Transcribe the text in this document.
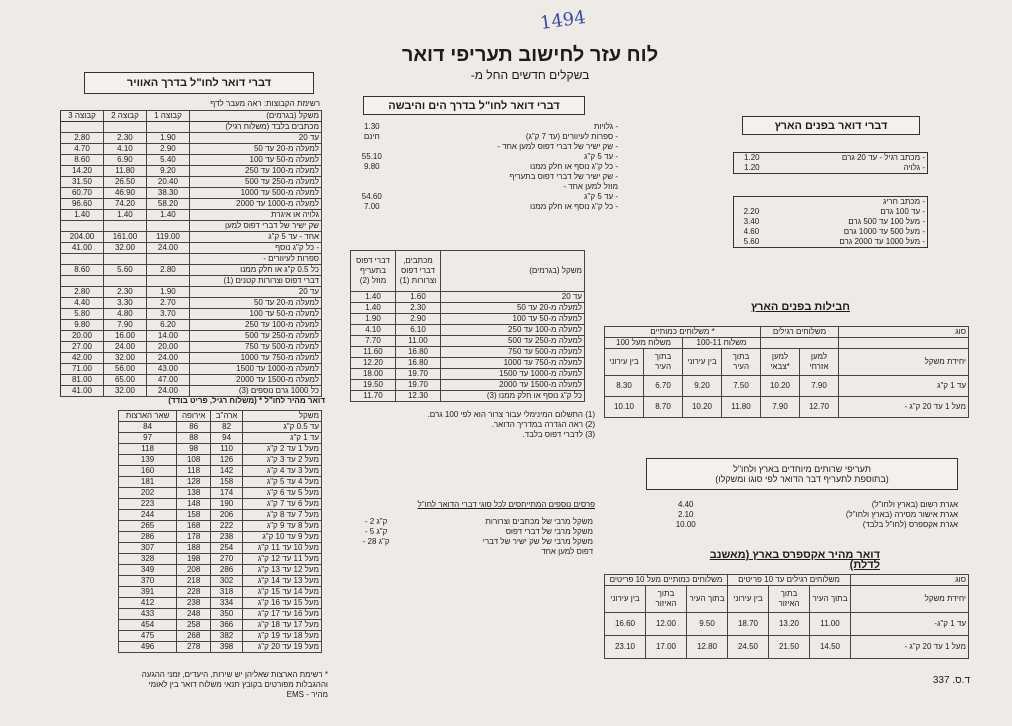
1494
לוח עזר לחישוב תעריפי דואר
בשקלים חדשים החל מ-
דברי דואר לחו"ל בדרך האוויר
רשימת הקבוצות: ראה מעבר לדף
משקל (בגרמים)	קבוצה 1	קבוצה 2	קבוצה 3
מכתבים בלבד (משלוח רגיל)			
עד 20	1.90	2.30	2.80
למעלה מ-20 עד 50	2.90	4.10	4.70
למעלה מ-50 עד 100	5.40	6.90	8.60
למעלה מ-100 עד 250	9.20	11.80	14.20
למעלה מ-250 עד 500	20.40	26.50	31.50
למעלה מ-500 עד 1000	38.30	46.90	60.70
למעלה מ-1000 עד 2000	58.20	74.20	96.60
גלויה או איגרת	1.40	1.40	1.40
שק ישיר של דברי דפוס למען			
אחד - עד 5 ק"ג	119.00	161.00	204.00
- כל ק"ג נוסף	24.00	32.00	41.00
ספרות לעיוורים -			
כל 0.5 ק"ג או חלק ממנו	2.80	5.60	8.60
דברי דפוס וצרורות קטנים (1)			
עד 20	1.90	2.30	2.80
למעלה מ-20 עד 50	2.70	3.30	4.40
למעלה מ-50 עד 100	3.70	4.80	5.80
למעלה מ-100 עד 250	6.20	7.90	9.80
למעלה מ-250 עד 500	14.00	16.00	20.00
למעלה מ-500 עד 750	20.00	24.00	27.00
למעלה מ-750 עד 1000	24.00	32.00	42.00
למעלה מ-1000 עד 1500	43.00	56.00	71.00
למעלה מ-1500 עד 2000	47.00	65.00	81.00
כל 1000 גרם נוספים (3)	24.00	32.00	41.00
דואר מהיר לחו"ל * (משלוח רגיל, פריט בודד)
משקל	ארה"ב	אירופה	שאר הארצות
עד 0.5 ק"ג	82	86	84
עד 1 ק"ג	94	88	97
מעל 1 עד 2 ק"ג	110	98	118
מעל 2 עד 3 ק"ג	126	108	139
מעל 3 עד 4 ק"ג	142	118	160
מעל 4 עד 5 ק"ג	158	128	181
מעל 5 עד 6 ק"ג	174	138	202
מעל 6 עד 7 ק"ג	190	148	223
מעל 7 עד 8 ק"ג	206	158	244
מעל 8 עד 9 ק"ג	222	168	265
מעל 9 עד 10 ק"ג	238	178	286
מעל 10 עד 11 ק"ג	254	188	307
מעל 11 עד 12 ק"ג	270	198	328
מעל 12 עד 13 ק"ג	286	208	349
מעל 13 עד 14 ק"ג	302	218	370
מעל 14 עד 15 ק"ג	318	228	391
מעל 15 עד 16 ק"ג	334	238	412
מעל 16 עד 17 ק"ג	350	248	433
מעל 17 עד 18 ק"ג	366	258	454
מעל 18 עד 19 ק"ג	382	268	475
מעל 19 עד 20 ק"ג	398	278	496
* רשימת הארצות שאליהן יש שירות, היעדים, זמני ההגעה
וההגבלות מפורטים בקובץ תנאי משלוח דואר בין לאומי
מהיר - EMS
דברי דואר לחו"ל בדרך הים והיבשה
- גלויות	1.30
- ספרות לעיוורים (עד 7 ק"ג)	חינם
- שק ישיר של דברי דפוס למען אחד -	
- עד 5 ק"ג	55.10
- כל ק"ג נוסף או חלק ממנו	9.80
- שק ישיר של דברי דפוס בתעריף	
מוזל למען אחד -	
- עד 5 ק"ג	54.60
- כל ק"ג נוסף או חלק ממנו	7.00
משקל (בגרמים)	מכתבים, דברי דפוס וצרורות (1)	דברי דפוס בתעריף מוזל (2)
עד 20	1.60	1.40
למעלה מ-20 עד 50	2.30	1.40
למעלה מ-50 עד 100	2.90	1.90
למעלה מ-100 עד 250	6.10	4.10
למעלה מ-250 עד 500	11.00	7.70
למעלה מ-500 עד 750	16.80	11.60
למעלה מ-750 עד 1000	16.80	12.20
למעלה מ-1000 עד 1500	19.70	18.00
למעלה מ-1500 עד 2000	19.70	19.50
כל ק"ג נוסף או חלק ממנו (3)	12.30	11.70
(1) התשלום המינימלי עבור צרור הוא לפי 100 גרם.
(2) ראה הגדרה במדריך הדואר.
(3) לדברי דפוס בלבד.
פרסים נוספים המתייחסים לכל סוגי דברי הדואר לחו"ל
משקל מרבי של מכתבים וצרורות	- 2 ק"ג
משקל מרבי של דברי דפוס	- 5 ק"ג
משקל מרבי של שק ישיר של דברי	- 28 ק"ג
דפוס למען אחד	
דברי דואר בפנים הארץ
- מכתב רגיל - עד 20 גרם	1.20
- גלויה	1.20
- מכתב חריג	
- עד 100 גרם	2.20
- מעל 100 עד 500 גרם	3.40
- מעל 500 עד 1000 גרם	4.60
- מעל 1000 עד 2000 גרם	5.60
חבילות בפנים הארץ
סוג	משלוחים רגילים		משלוחים כמותיים *			
			משלוח 100-11		משלוח מעל 100	
יחידת משקל	למען אזרחי	למען צבאי*	בתוך העיר	בין עירוני	בתוך העיר	בין עירוני
עד 1 ק"ג	7.90	10.20	7.50	9.20	6.70	8.30
מעל 1 עד 20 ק"ג -	12.70	7.90	11.80	10.20	8.70	10.10
תעריפי שרותים מיוחדים בארץ ולחו"ל
(בתוספת לתעריף דבר הדואר לפי סוגו ומשקלו)
אגרת רשום (בארץ ולחו"ל)	4.40
אגרת אישור מסירה (בארץ ולחו"ל)	2.10
אגרת אקספרס (לחו"ל בלבד)	10.00
דואר מהיר אקספרס בארץ (מאשנב לדלת)
סוג	משלוחים רגילים עד 10 פריטים			משלוחים כמותיים מעל 10 פריטים		
יחידת משקל	בתוך העיר	בתוך האיזור	בין עירוני	בתוך העיר	בתוך האיזור	בין עירוני
עד 1 ק"ג-	11.00	13.20	18.70	9.50	12.00	16.60
מעל 1 עד 20 ק"ג -	14.50	21.50	24.50	12.80	17.00	23.10
ד.ס. 337
